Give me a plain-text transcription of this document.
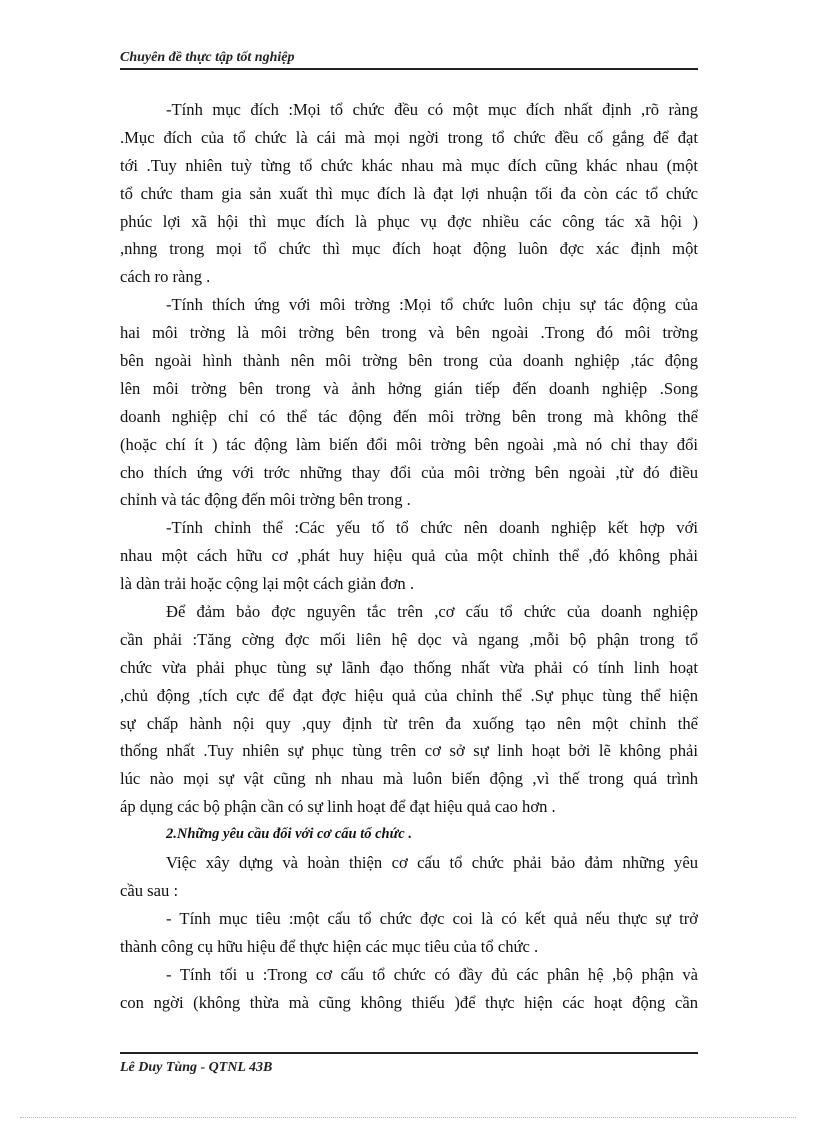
Chuyên đề thực tập tốt nghiệp
-Tính mục đích :Mọi tổ chức đều có một mục đích nhất định ,rõ ràng
.Mục đích của tổ chức là cái mà mọi ngời trong tổ chức đều cố gắng để đạt
tới .Tuy nhiên tuỳ từng tổ chức khác nhau mà mục đích cũng khác nhau (một
tổ chức tham gia sản xuất thì mục đích là đạt lợi nhuận tối đa còn các tổ chức
phúc lợi xã hội thì mục đích là phục vụ đợc nhiều các công tác xã hội )
,nhng trong mọi tổ chức thì mục đích hoạt động luôn đợc xác định một
cách ro ràng .
-Tính thích ứng với môi trờng :Mọi tổ chức luôn chịu sự tác động của
hai môi trờng là môi trờng bên trong và bên ngoài .Trong đó môi trờng
bên ngoài hình thành nên môi trờng bên trong của doanh nghiệp ,tác động
lên môi trờng bên trong và ảnh hởng gián tiếp đến doanh nghiệp .Song
doanh nghiệp chỉ có thể tác động đến môi trờng bên trong mà không thể
(hoặc chí ít ) tác động làm biến đổi môi trờng bên ngoài ,mà nó chỉ thay đổi
cho thích ứng với trớc những thay đổi của môi trờng bên ngoài ,từ đó điều
chỉnh và tác động đến môi trờng bên trong .
-Tính chỉnh thể :Các yếu tố tổ chức nên doanh nghiệp kết hợp với
nhau một cách hữu cơ ,phát huy hiệu quả của một chỉnh thể ,đó không phải
là dàn trải hoặc cộng lại một cách giản đơn .
Để đảm bảo đợc nguyên tắc trên ,cơ cấu tổ chức của doanh nghiệp
cần phải :Tăng cờng đợc mối liên hệ dọc và ngang ,mỗi bộ phận trong tổ
chức vừa phải phục tùng sự lãnh đạo thống nhất vừa phải có tính linh hoạt
,chủ động ,tích cực để đạt đợc hiệu quả của chỉnh thể .Sự phục tùng thể hiện
sự chấp hành nội quy ,quy định từ trên đa xuống tạo nên một chỉnh thể
thống nhất .Tuy nhiên sự phục tùng trên cơ sở sự linh hoạt bởi lẽ không phải
lúc nào mọi sự vật cũng nh nhau mà luôn biến động ,vì thế trong quá trình
áp dụng các bộ phận cần có sự linh hoạt để đạt hiệu quả cao hơn .
2.Những yêu cầu đối với cơ cấu tổ chức .
Việc xây dựng và hoàn thiện cơ cấu tổ chức phải bảo đảm những yêu
cầu sau :
- Tính mục tiêu :một cấu tổ chức đợc coi là có kết quả nếu thực sự trở
thành công cụ hữu hiệu để thực hiện các mục tiêu của tổ chức .
- Tính tối u :Trong cơ cấu tổ chức có đầy đủ các phân hệ ,bộ phận và
con ngời (không thừa mà cũng không thiếu )để thực hiện các hoạt động cần
Lê Duy Tùng - QTNL 43B
